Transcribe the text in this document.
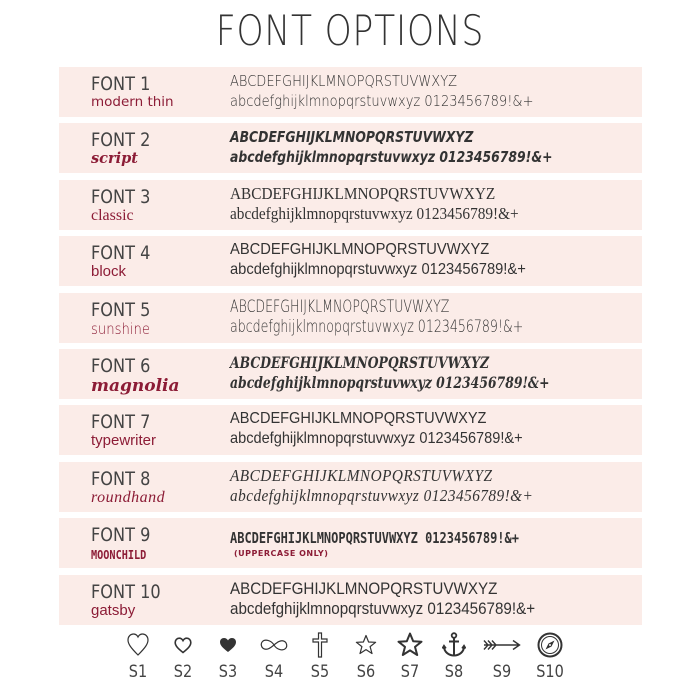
FONT OPTIONS
FONT 1
modern thin
ABCDEFGHIJKLMNOPQRSTUVWXYZ
abcdefghijklmnopqrstuvwxyz 0123456789!&+
FONT 2
script
ABCDEFGHIJKLMNOPQRSTUVWXYZ
abcdefghijklmnopqrstuvwxyz 0123456789!&+
FONT 3
classic
ABCDEFGHIJKLMNOPQRSTUVWXYZ
abcdefghijklmnopqrstuvwxyz 0123456789!&+
FONT 4
block
ABCDEFGHIJKLMNOPQRSTUVWXYZ
abcdefghijklmnopqrstuvwxyz 0123456789!&+
FONT 5
sunshine
ABCDEFGHIJKLMNOPQRSTUVWXYZ
abcdefghijklmnopqrstuvwxyz 0123456789!&+
FONT 6
magnolia
ABCDEFGHIJKLMNOPQRSTUVWXYZ
abcdefghijklmnopqrstuvwxyz 0123456789!&+
FONT 7
typewriter
ABCDEFGHIJKLMNOPQRSTUVWXYZ
abcdefghijklmnopqrstuvwxyz 0123456789!&+
FONT 8
roundhand
ABCDEFGHIJKLMNOPQRSTUVWXYZ
abcdefghijklmnopqrstuvwxyz 0123456789!&+
FONT 9
MOONCHILD
ABCDEFGHIJKLMNOPQRSTUVWXYZ 0123456789!&+
(UPPERCASE ONLY)
FONT 10
gatsby
ABCDEFGHIJKLMNOPQRSTUVWXYZ
abcdefghijklmnopqrstuvwxyz 0123456789!&+
S1	S2	S3	S4	S5	S6	S7	S8	S9	S10
